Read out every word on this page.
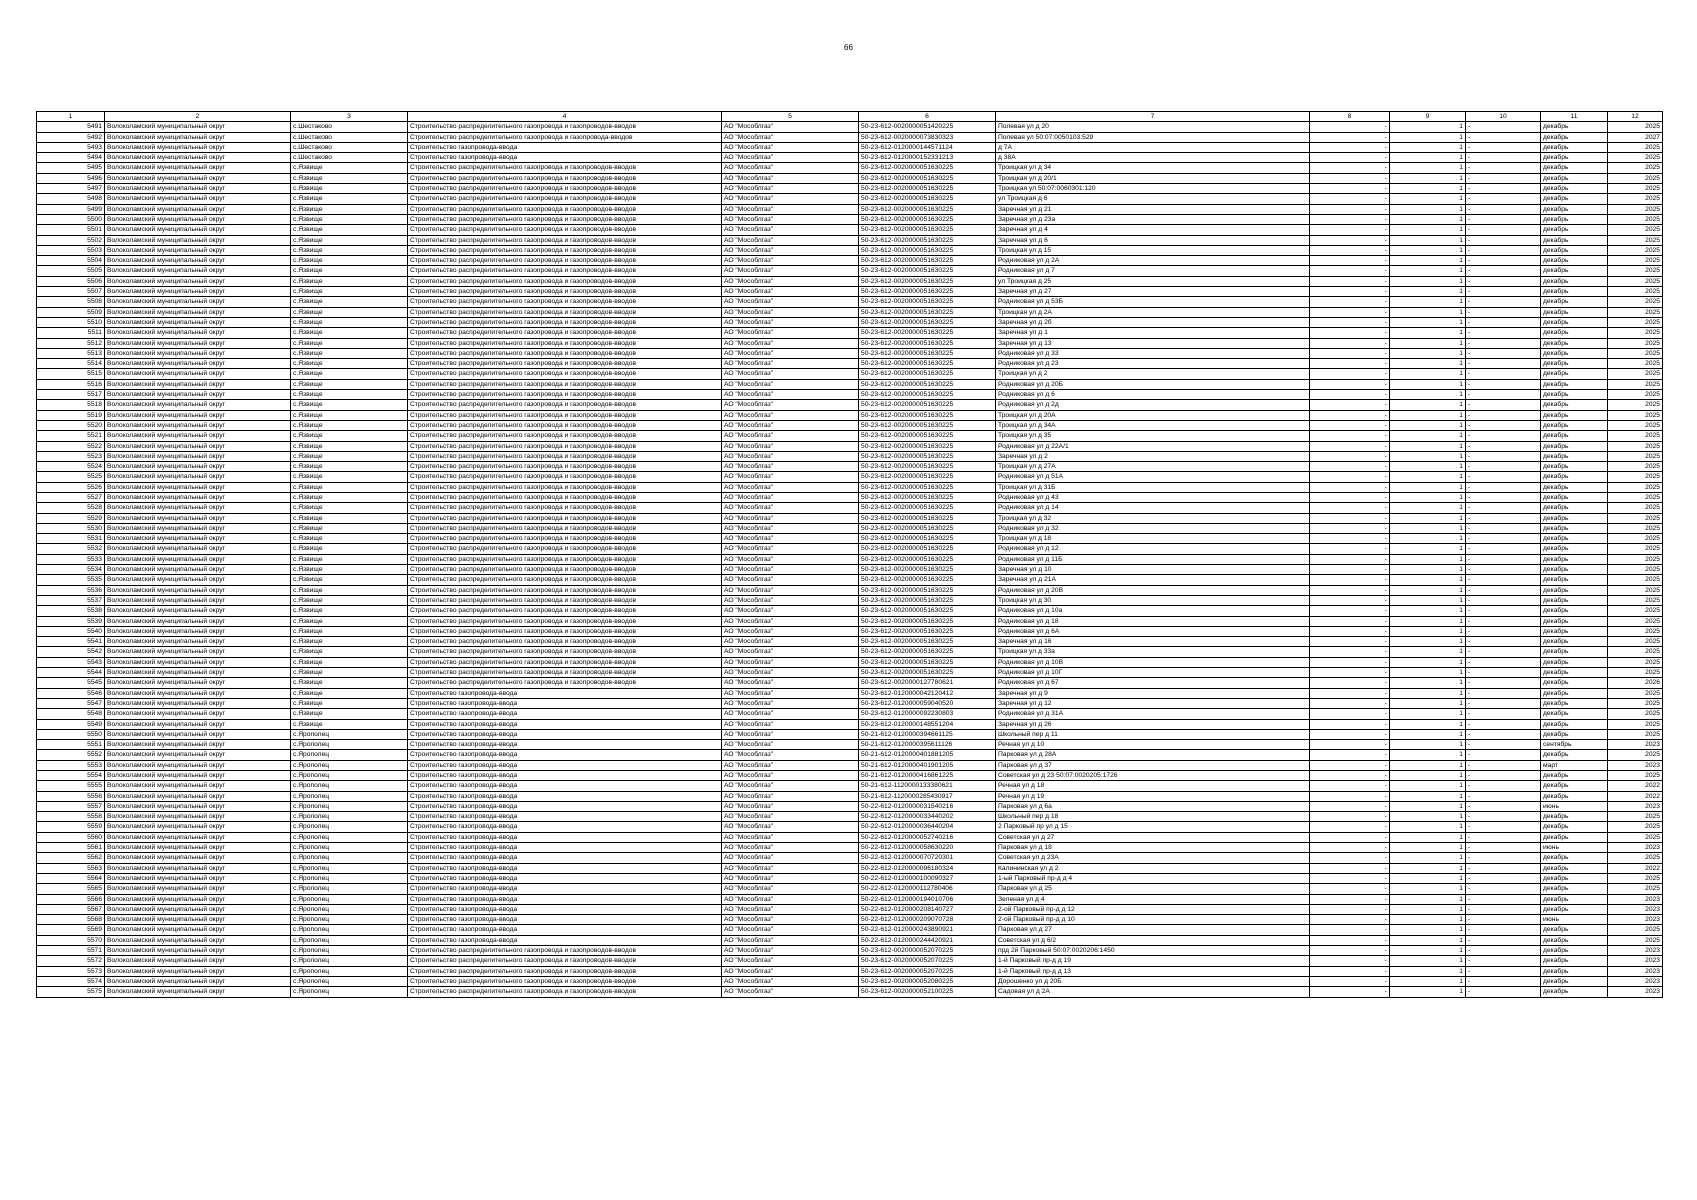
66
1	2	3	4	5	6	7	8	9	10	11	12
5491	Волоколамский муниципальный округ	с.Шестаково	Строительство распределительного газопровода и газопроводов-вводов	АО "Мособлгаз"	50-23-612-0020000051420225	Полевая ул д 20	-	1	-	декабрь	2025
5492	Волоколамский муниципальный округ	с.Шестаково	Строительство распределительного газопровода и газопровода-вводов	АО "Мособлгаз"	50-23-612-0020000073830323	Полевая ул 50:07:0050103:529	-	1	-	декабрь	2027
5493	Волоколамский муниципальный округ	с.Шестаково	Строительство газопровода-ввода	АО "Мособлгаз"	50-23-612-0120000144571124	д 7А	-	1	-	декабрь	2025
5494	Волоколамский муниципальный округ	с.Шестаково	Строительство газопровода-ввода	АО "Мособлгаз"	50-23-612-0120000152331213	д 38А	-	1	-	декабрь	2025
5495	Волоколамский муниципальный округ	с.Язвище	Строительство распределительного газопровода и газопроводов-вводов	АО "Мособлгаз"	50-23-612-0020000051630225	Троицкая ул д 34	-	1	-	декабрь	2025
5496	Волоколамский муниципальный округ	с.Язвище	Строительство распределительного газопровода и газопроводов-вводов	АО "Мособлгаз"	50-23-612-0020000051630225	Троицкая ул д 20/1	-	1	-	декабрь	2025
5497	Волоколамский муниципальный округ	с.Язвище	Строительство распределительного газопровода и газопроводов-вводов	АО "Мособлгаз"	50-23-612-0020000051630225	Троицкая ул 50:07:0060301:120	-	1	-	декабрь	2025
5498	Волоколамский муниципальный округ	с.Язвище	Строительство распределительного газопровода и газопроводов-вводов	АО "Мособлгаз"	50-23-612-0020000051630225	ул Троицкая д 6	-	1	-	декабрь	2025
5499	Волоколамский муниципальный округ	с.Язвище	Строительство распределительного газопровода и газопроводов-вводов	АО "Мособлгаз"	50-23-612-0020000051630225	Заречная ул д 21	-	1	-	декабрь	2025
5500	Волоколамский муниципальный округ	с.Язвище	Строительство распределительного газопровода и газопроводов-вводов	АО "Мособлгаз"	50-23-612-0020000051630225	Заречная ул д 23а	-	1	-	декабрь	2025
5501	Волоколамский муниципальный округ	с.Язвище	Строительство распределительного газопровода и газопроводов-вводов	АО "Мособлгаз"	50-23-612-0020000051630225	Заречная ул д 4	-	1	-	декабрь	2025
5502	Волоколамский муниципальный округ	с.Язвище	Строительство распределительного газопровода и газопроводов-вводов	АО "Мособлгаз"	50-23-612-0020000051630225	Заречная ул д 6	-	1	-	декабрь	2025
5503	Волоколамский муниципальный округ	с.Язвище	Строительство распределительного газопровода и газопроводов-вводов	АО "Мособлгаз"	50-23-612-0020000051630225	Троицкая ул д 15	-	1	-	декабрь	2025
5504	Волоколамский муниципальный округ	с.Язвище	Строительство распределительного газопровода и газопроводов-вводов	АО "Мособлгаз"	50-23-612-0020000051630225	Родниковая ул д 2А	-	1	-	декабрь	2025
5505	Волоколамский муниципальный округ	с.Язвище	Строительство распределительного газопровода и газопроводов-вводов	АО "Мособлгаз"	50-23-612-0020000051630225	Родниковая ул д 7	-	1	-	декабрь	2025
5506	Волоколамский муниципальный округ	с.Язвище	Строительство распределительного газопровода и газопроводов-вводов	АО "Мособлгаз"	50-23-612-0020000051630225	ул Троицкая д 25	-	1	-	декабрь	2025
5507	Волоколамский муниципальный округ	с.Язвище	Строительство распределительного газопровода и газопроводов-вводов	АО "Мособлгаз"	50-23-612-0020000051630225	Заречная ул д 27	-	1	-	декабрь	2025
5508	Волоколамский муниципальный округ	с.Язвище	Строительство распределительного газопровода и газопроводов-вводов	АО "Мособлгаз"	50-23-612-0020000051630225	Родниковая ул д 53Б	-	1	-	декабрь	2025
5509	Волоколамский муниципальный округ	с.Язвище	Строительство распределительного газопровода и газопроводов-вводов	АО "Мособлгаз"	50-23-612-0020000051630225	Троицкая ул д 2А	-	1	-	декабрь	2025
5510	Волоколамский муниципальный округ	с.Язвище	Строительство распределительного газопровода и газопроводов-вводов	АО "Мособлгаз"	50-23-612-0020000051630225	Заречная ул д 2б	-	1	-	декабрь	2025
5511	Волоколамский муниципальный округ	с.Язвище	Строительство распределительного газопровода и газопроводов-вводов	АО "Мособлгаз"	50-23-612-0020000051630225	Заречная ул д 1	-	1	-	декабрь	2025
5512	Волоколамский муниципальный округ	с.Язвище	Строительство распределительного газопровода и газопроводов-вводов	АО "Мособлгаз"	50-23-612-0020000051630225	Заречная ул д 13	-	1	-	декабрь	2025
5513	Волоколамский муниципальный округ	с.Язвище	Строительство распределительного газопровода и газопроводов-вводов	АО "Мособлгаз"	50-23-612-0020000051630225	Родниковая ул д 33	-	1	-	декабрь	2025
5514	Волоколамский муниципальный округ	с.Язвище	Строительство распределительного газопровода и газопроводов-вводов	АО "Мособлгаз"	50-23-612-0020000051630225	Родниковая ул д 23	-	1	-	декабрь	2025
5515	Волоколамский муниципальный округ	с.Язвище	Строительство распределительного газопровода и газопроводов-вводов	АО "Мособлгаз"	50-23-612-0020000051630225	Троицкая ул д 2	-	1	-	декабрь	2025
5516	Волоколамский муниципальный округ	с.Язвище	Строительство распределительного газопровода и газопроводов-вводов	АО "Мособлгаз"	50-23-612-0020000051630225	Родниковая ул д 20Б	-	1	-	декабрь	2025
5517	Волоколамский муниципальный округ	с.Язвище	Строительство распределительного газопровода и газопроводов-вводов	АО "Мособлгаз"	50-23-612-0020000051630225	Родниковая ул д 6	-	1	-	декабрь	2025
5518	Волоколамский муниципальный округ	с.Язвище	Строительство распределительного газопровода и газопроводов-вводов	АО "Мособлгаз"	50-23-612-0020000051630225	Родниковая ул д 2д	-	1	-	декабрь	2025
5519	Волоколамский муниципальный округ	с.Язвище	Строительство распределительного газопровода и газопроводов-вводов	АО "Мособлгаз"	50-23-612-0020000051630225	Троицкая ул д 20А	-	1	-	декабрь	2025
5520	Волоколамский муниципальный округ	с.Язвище	Строительство распределительного газопровода и газопроводов-вводов	АО "Мособлгаз"	50-23-612-0020000051630225	Троицкая ул д 34А	-	1	-	декабрь	2025
5521	Волоколамский муниципальный округ	с.Язвище	Строительство распределительного газопровода и газопроводов-вводов	АО "Мособлгаз"	50-23-612-0020000051630225	Троицкая ул д 35	-	1	-	декабрь	2025
5522	Волоколамский муниципальный округ	с.Язвище	Строительство распределительного газопровода и газопроводов-вводов	АО "Мособлгаз"	50-23-612-0020000051630225	Родниковая ул д 22А/1	-	1	-	декабрь	2025
5523	Волоколамский муниципальный округ	с.Язвище	Строительство распределительного газопровода и газопроводов-вводов	АО "Мособлгаз"	50-23-612-0020000051630225	Заречная ул д 2	-	1	-	декабрь	2025
5524	Волоколамский муниципальный округ	с.Язвище	Строительство распределительного газопровода и газопроводов-вводов	АО "Мособлгаз"	50-23-612-0020000051630225	Троицкая ул д 27А	-	1	-	декабрь	2025
5525	Волоколамский муниципальный округ	с.Язвище	Строительство распределительного газопровода и газопроводов-вводов	АО "Мособлгаз"	50-23-612-0020000051630225	Родниковая ул д 51А	-	1	-	декабрь	2025
5526	Волоколамский муниципальный округ	с.Язвище	Строительство распределительного газопровода и газопроводов-вводов	АО "Мособлгаз"	50-23-612-0020000051630225	Троицкая ул д 31Б	-	1	-	декабрь	2025
5527	Волоколамский муниципальный округ	с.Язвище	Строительство распределительного газопровода и газопроводов-вводов	АО "Мособлгаз"	50-23-612-0020000051630225	Родниковая ул д 43	-	1	-	декабрь	2025
5528	Волоколамский муниципальный округ	с.Язвище	Строительство распределительного газопровода и газопроводов-вводов	АО "Мособлгаз"	50-23-612-0020000051630225	Родниковая ул д 14	-	1	-	декабрь	2025
5529	Волоколамский муниципальный округ	с.Язвище	Строительство распределительного газопровода и газопроводов-вводов	АО "Мособлгаз"	50-23-612-0020000051630225	Троицкая ул д 32	-	1	-	декабрь	2025
5530	Волоколамский муниципальный округ	с.Язвище	Строительство распределительного газопровода и газопроводов-вводов	АО "Мособлгаз"	50-23-612-0020000051630225	Родниковая ул д 32	-	1	-	декабрь	2025
5531	Волоколамский муниципальный округ	с.Язвище	Строительство распределительного газопровода и газопроводов-вводов	АО "Мособлгаз"	50-23-612-0020000051630225	Троицкая ул д 18	-	1	-	декабрь	2025
5532	Волоколамский муниципальный округ	с.Язвище	Строительство распределительного газопровода и газопроводов-вводов	АО "Мособлгаз"	50-23-612-0020000051630225	Родниковая ул д 12	-	1	-	декабрь	2025
5533	Волоколамский муниципальный округ	с.Язвище	Строительство распределительного газопровода и газопроводов-вводов	АО "Мособлгаз"	50-23-612-0020000051630225	Родниковая ул д 11Б	-	1	-	декабрь	2025
5534	Волоколамский муниципальный округ	с.Язвище	Строительство распределительного газопровода и газопроводов-вводов	АО "Мособлгаз"	50-23-612-0020000051630225	Заречная ул д 10	-	1	-	декабрь	2025
5535	Волоколамский муниципальный округ	с.Язвище	Строительство распределительного газопровода и газопроводов-вводов	АО "Мособлгаз"	50-23-612-0020000051630225	Заречная ул д 21А	-	1	-	декабрь	2025
5536	Волоколамский муниципальный округ	с.Язвище	Строительство распределительного газопровода и газопроводов-вводов	АО "Мособлгаз"	50-23-612-0020000051630225	Родниковая ул д 20В	-	1	-	декабрь	2025
5537	Волоколамский муниципальный округ	с.Язвище	Строительство распределительного газопровода и газопроводов-вводов	АО "Мособлгаз"	50-23-612-0020000051630225	Троицкая ул д 30	-	1	-	декабрь	2025
5538	Волоколамский муниципальный округ	с.Язвище	Строительство распределительного газопровода и газопроводов-вводов	АО "Мособлгаз"	50-23-612-0020000051630225	Родниковая ул д 10а	-	1	-	декабрь	2025
5539	Волоколамский муниципальный округ	с.Язвище	Строительство распределительного газопровода и газопроводов-вводов	АО "Мособлгаз"	50-23-612-0020000051630225	Родниковая ул д 18	-	1	-	декабрь	2025
5540	Волоколамский муниципальный округ	с.Язвище	Строительство распределительного газопровода и газопроводов-вводов	АО "Мособлгаз"	50-23-612-0020000051630225	Родниковая ул д 6А	-	1	-	декабрь	2025
5541	Волоколамский муниципальный округ	с.Язвище	Строительство распределительного газопровода и газопроводов-вводов	АО "Мособлгаз"	50-23-612-0020000051630225	Заречная ул д 16	-	1	-	декабрь	2025
5542	Волоколамский муниципальный округ	с.Язвище	Строительство распределительного газопровода и газопроводов-вводов	АО "Мособлгаз"	50-23-612-0020000051630225	Троицкая ул д 33а	-	1	-	декабрь	2025
5543	Волоколамский муниципальный округ	с.Язвище	Строительство распределительного газопровода и газопроводов-вводов	АО "Мособлгаз"	50-23-612-0020000051630225	Родниковая ул д 10В	-	1	-	декабрь	2025
5544	Волоколамский муниципальный округ	с.Язвище	Строительство распределительного газопровода и газопроводов-вводов	АО "Мособлгаз"	50-23-612-0020000051630225	Родниковая ул д 10Г	-	1	-	декабрь	2025
5545	Волоколамский муниципальный округ	с.Язвище	Строительство распределительного газопровода и газопроводов-вводов	АО "Мособлгаз"	50-23-612-0020000127780621	Родниковая ул д 67	-	1	-	декабрь	2026
5546	Волоколамский муниципальный округ	с.Язвище	Строительство газопровода-ввода	АО "Мособлгаз"	50-23-612-0120000042120412	Заречная ул д 9	-	1	-	декабрь	2025
5547	Волоколамский муниципальный округ	с.Язвище	Строительство газопровода-ввода	АО "Мособлгаз"	50-23-612-0120000059040520	Заречная ул д 12	-	1	-	декабрь	2025
5548	Волоколамский муниципальный округ	с.Язвище	Строительство газопровода-ввода	АО "Мособлгаз"	50-23-612-0120000092230803	Родниковая ул д 31А	-	1	-	декабрь	2025
5549	Волоколамский муниципальный округ	с.Язвище	Строительство газопровода-ввода	АО "Мособлгаз"	50-23-612-0120000148551204	Заречная ул д 26	-	1	-	декабрь	2025
5550	Волоколамский муниципальный округ	с.Ярополец	Строительство газопровода-ввода	АО "Мособлгаз"	50-21-612-0120000394661125	Школьный пер д 11	-	1	-	декабрь	2025
5551	Волоколамский муниципальный округ	с.Ярополец	Строительство газопровода-ввода	АО "Мособлгаз"	50-21-612-0120000395611126	Речная ул д 10	-	1	-	сентябрь	2023
5552	Волоколамский муниципальный округ	с.Ярополец	Строительство газопровода-ввода	АО "Мособлгаз"	50-21-612-0120000401881205	Парковая ул д 28А	-	1	-	декабрь	2025
5553	Волоколамский муниципальный округ	с.Ярополец	Строительство газопровода-ввода	АО "Мособлгаз"	50-21-612-0120000401901205	Парковая ул д 37	-	1	-	март	2023
5554	Волоколамский муниципальный округ	с.Ярополец	Строительство газопровода-ввода	АО "Мособлгаз"	50-21-612-0120000416861225	Советская ул д 23 50:07:0020205:1726	-	1	-	декабрь	2025
5555	Волоколамский муниципальный округ	с.Ярополец	Строительство газопровода-ввода	АО "Мособлгаз"	50-21-612-1120000133380621	Речная ул д 18	-	1	-	декабрь	2022
5556	Волоколамский муниципальный округ	с.Ярополец	Строительство газопровода-ввода	АО "Мособлгаз"	50-21-612-1120000285430917	Речная ул д 19	-	1	-	декабрь	2022
5557	Волоколамский муниципальный округ	с.Ярополец	Строительство газопровода-ввода	АО "Мособлгаз"	50-22-612-0120000031540216	Парковая ул д 6а	-	1	-	июнь	2023
5558	Волоколамский муниципальный округ	с.Ярополец	Строительство газопровода-ввода	АО "Мособлгаз"	50-22-612-0120000033440202	Школьный пер д 18	-	1	-	декабрь	2025
5559	Волоколамский муниципальный округ	с.Ярополец	Строительство газопровода-ввода	АО "Мособлгаз"	50-22-612-0120000036440204	2 Парковый пр ул д 15	-	1	-	декабрь	2025
5560	Волоколамский муниципальный округ	с.Ярополец	Строительство газопровода-ввода	АО "Мособлгаз"	50-22-612-0120000052740216	Советская ул д 27	-	1	-	декабрь	2025
5561	Волоколамский муниципальный округ	с.Ярополец	Строительство газопровода-ввода	АО "Мособлгаз"	50-22-612-0120000058630220	Парковая ул д 18	-	1	-	июнь	2023
5562	Волоколамский муниципальный округ	с.Ярополец	Строительство газопровода-ввода	АО "Мособлгаз"	50-22-612-0120000070720301	Советская ул д 23А	-	1	-	декабрь	2025
5563	Волоколамский муниципальный округ	с.Ярополец	Строительство газопровода-ввода	АО "Мособлгаз"	50-22-612-0120000096180324	Калининская ул д 2	-	1	-	декабрь	2022
5564	Волоколамский муниципальный округ	с.Ярополец	Строительство газопровода-ввода	АО "Мособлгаз"	50-22-612-0120000100090327	1-ый Парковый пр-д д 4	-	1	-	декабрь	2025
5565	Волоколамский муниципальный округ	с.Ярополец	Строительство газопровода-ввода	АО "Мособлгаз"	50-22-612-0120000112780406	Парковая ул д 25	-	1	-	декабрь	2025
5566	Волоколамский муниципальный округ	с.Ярополец	Строительство газопровода-ввода	АО "Мособлгаз"	50-22-612-0120000194010706	Зеленая ул д 4	-	1	-	декабрь	2023
5567	Волоколамский муниципальный округ	с.Ярополец	Строительство газопровода-ввода	АО "Мособлгаз"	50-22-612-0120000208140727	2-ой Парковый пр-д д 12	-	1	-	декабрь	2023
5568	Волоколамский муниципальный округ	с.Ярополец	Строительство газопровода-ввода	АО "Мособлгаз"	50-22-612-0120000209070728	2-ой Парковый пр-д д 10	-	1	-	июнь	2023
5569	Волоколамский муниципальный округ	с.Ярополец	Строительство газопровода-ввода	АО "Мособлгаз"	50-22-612-0120000243890921	Парковая ул д 27	-	1	-	декабрь	2025
5570	Волоколамский муниципальный округ	с.Ярополец	Строительство газопровода-ввода	АО "Мособлгаз"	50-22-612-0120000244420921	Советская ул д 6/2	-	1	-	декабрь	2025
5571	Волоколамский муниципальный округ	с.Ярополец	Строительство распределительного газопровода и газопроводов-вводов	АО "Мособлгаз"	50-23-612-0020000052070225	прд 2й Парковый 50:07:0020206:1450	-	1	-	декабрь	2023
5572	Волоколамский муниципальный округ	с.Ярополец	Строительство распределительного газопровода и газопроводов-вводов	АО "Мособлгаз"	50-23-612-0020000052070225	1-й Парковый пр-д д 19	-	1	-	декабрь	2023
5573	Волоколамский муниципальный округ	с.Ярополец	Строительство распределительного газопровода и газопроводов-вводов	АО "Мособлгаз"	50-23-612-0020000052070225	1-й Парковый пр-д д 13	-	1	-	декабрь	2023
5574	Волоколамский муниципальный округ	с.Ярополец	Строительство распределительного газопровода и газопроводов-вводов	АО "Мособлгаз"	50-23-612-0020000052080225	Дорошенко ул д 20Б	-	1	-	декабрь	2023
5575	Волоколамский муниципальный округ	с.Ярополец	Строительство распределительного газопровода и газопроводов-вводов	АО "Мособлгаз"	50-23-612-0020000052100225	Садовая ул д 2А	-	1	-	декабрь	2023
